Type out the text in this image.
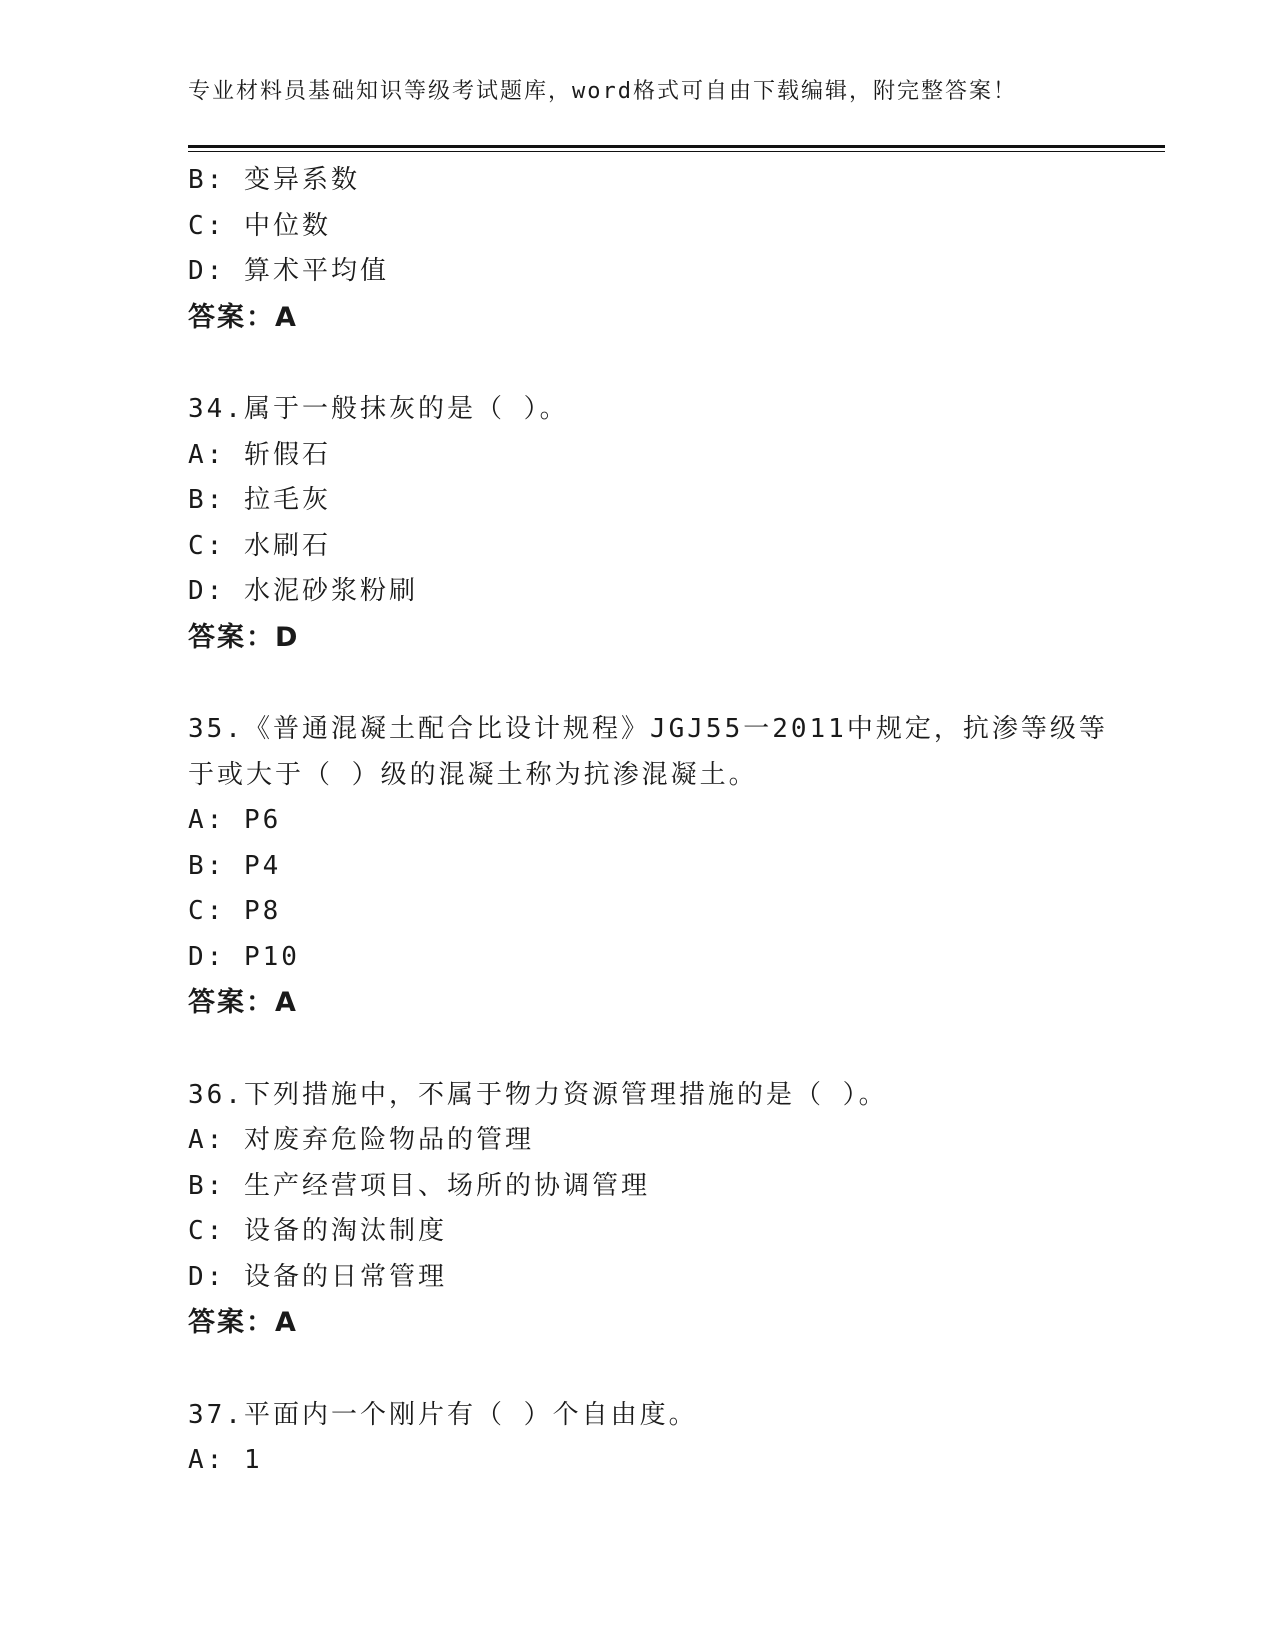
专业材料员基础知识等级考试题库，word格式可自由下载编辑，附完整答案！
B: 变异系数
C: 中位数
D: 算术平均值
答案：A
34.属于一般抹灰的是（ ）。
A: 斩假石
B: 拉毛灰
C: 水刷石
D: 水泥砂浆粉刷
答案：D
35.《普通混凝土配合比设计规程》JGJ55一2011中规定，抗渗等级等
于或大于（ ）级的混凝土称为抗渗混凝土。
A: P6
B: P4
C: P8
D: P10
答案：A
36.下列措施中，不属于物力资源管理措施的是（ ）。
A: 对废弃危险物品的管理
B: 生产经营项目、场所的协调管理
C: 设备的淘汰制度
D: 设备的日常管理
答案：A
37.平面内一个刚片有（ ）个自由度。
A: 1
